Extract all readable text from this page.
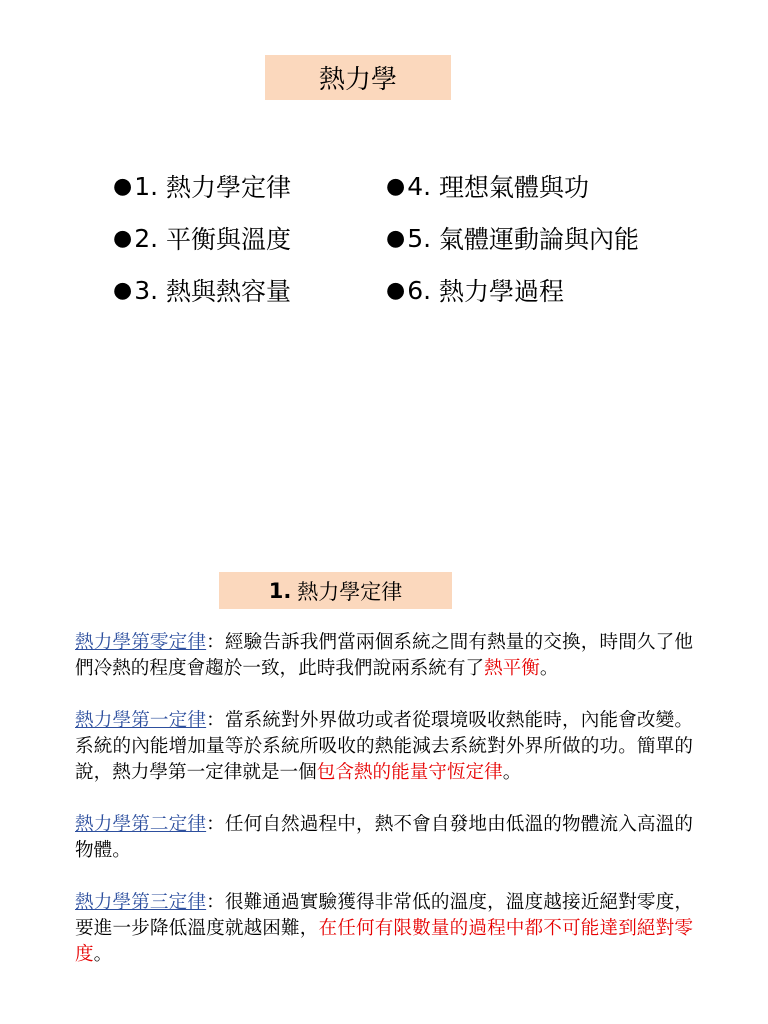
熱力學
● 1.
熱力學定律
● 2.
平衡與溫度
● 3.
熱與熱容量
● 4.
理想氣體與功
● 5.
氣體運動論與內能
● 6.
熱力學過程
1. 熱力學定律

熱力學第零定律：經驗告訴我們當兩個系統之間有熱量的交換，時間久了他們冷熱的程度會趨於一致，此時我們說兩系統有了熱平衡。

熱力學第一定律：當系統對外界做功或者從環境吸收熱能時，內能會改變。系統的內能增加量等於系統所吸收的熱能減去系統對外界所做的功。簡單的說，熱力學第一定律就是一個包含熱的能量守恆定律。

熱力學第二定律：任何自然過程中，熱不會自發地由低溫的物體流入高溫的物體。

熱力學第三定律：很難通過實驗獲得非常低的溫度，溫度越接近絕對零度，要進一步降低溫度就越困難，在任何有限數量的過程中都不可能達到絕對零度。
